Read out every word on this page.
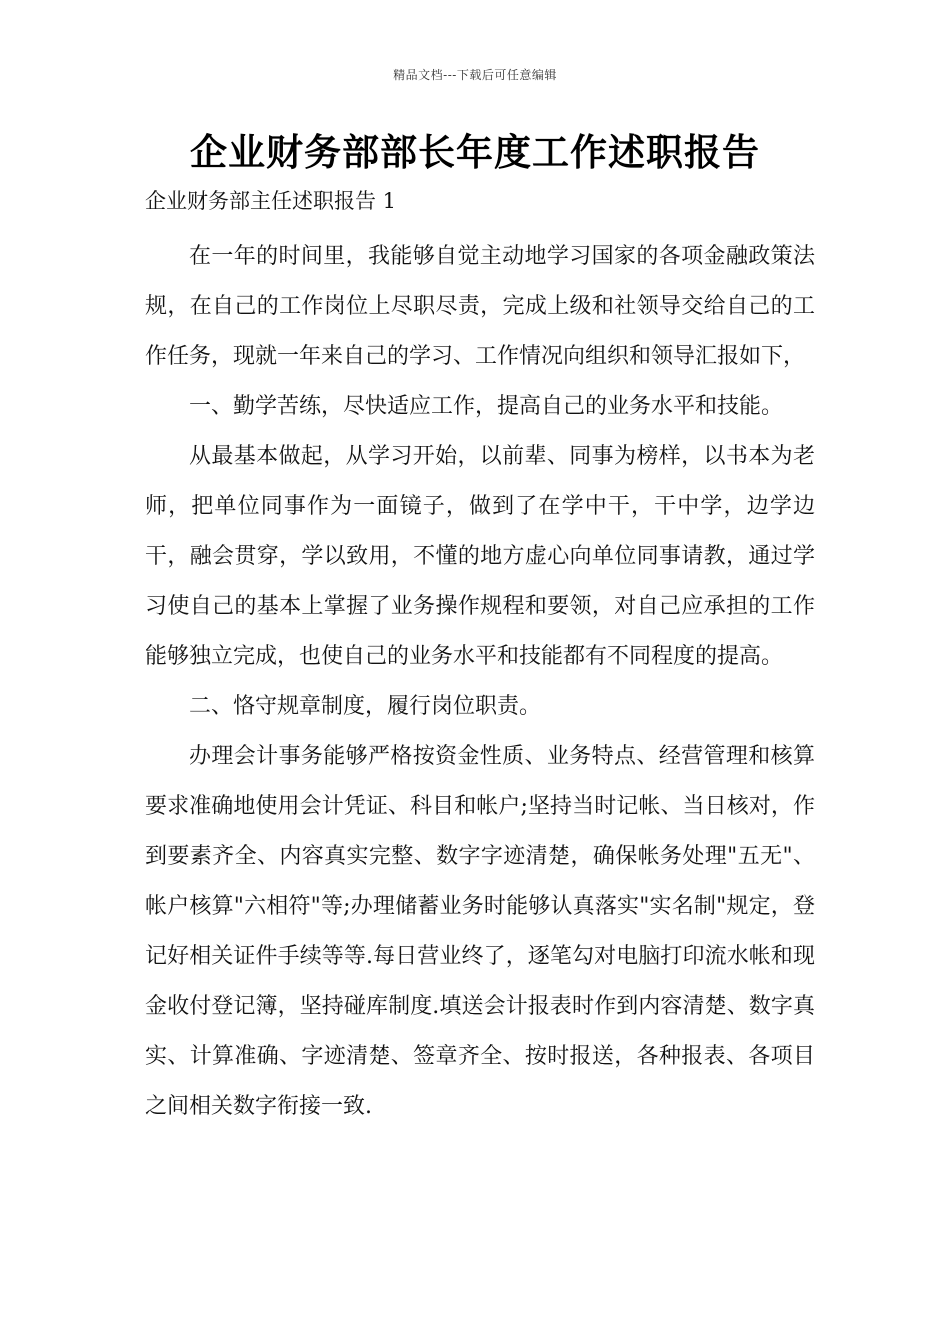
精品文档---下载后可任意编辑
企业财务部部长年度工作述职报告
企业财务部主任述职报告 1

在一年的时间里，我能够自觉主动地学习国家的各项金融政策法规，在自己的工作岗位上尽职尽责，完成上级和社领导交给自己的工作任务，现就一年来自己的学习、工作情况向组织和领导汇报如下，

一、勤学苦练，尽快适应工作，提高自己的业务水平和技能。

从最基本做起，从学习开始，以前辈、同事为榜样，以书本为老师，把单位同事作为一面镜子，做到了在学中干，干中学，边学边干，融会贯穿，学以致用，不懂的地方虚心向单位同事请教，通过学习使自己的基本上掌握了业务操作规程和要领，对自己应承担的工作能够独立完成，也使自己的业务水平和技能都有不同程度的提高。

二、恪守规章制度，履行岗位职责。

办理会计事务能够严格按资金性质、业务特点、经营管理和核算要求准确地使用会计凭证、科目和帐户;坚持当时记帐、当日核对，作到要素齐全、内容真实完整、数字字迹清楚，确保帐务处理"五无"、帐户核算"六相符"等;办理储蓄业务时能够认真落实"实名制"规定，登记好相关证件手续等等.每日营业终了，逐笔勾对电脑打印流水帐和现金收付登记簿，坚持碰库制度.填送会计报表时作到内容清楚、数字真实、计算准确、字迹清楚、签章齐全、按时报送，各种报表、各项目之间相关数字衔接一致.
